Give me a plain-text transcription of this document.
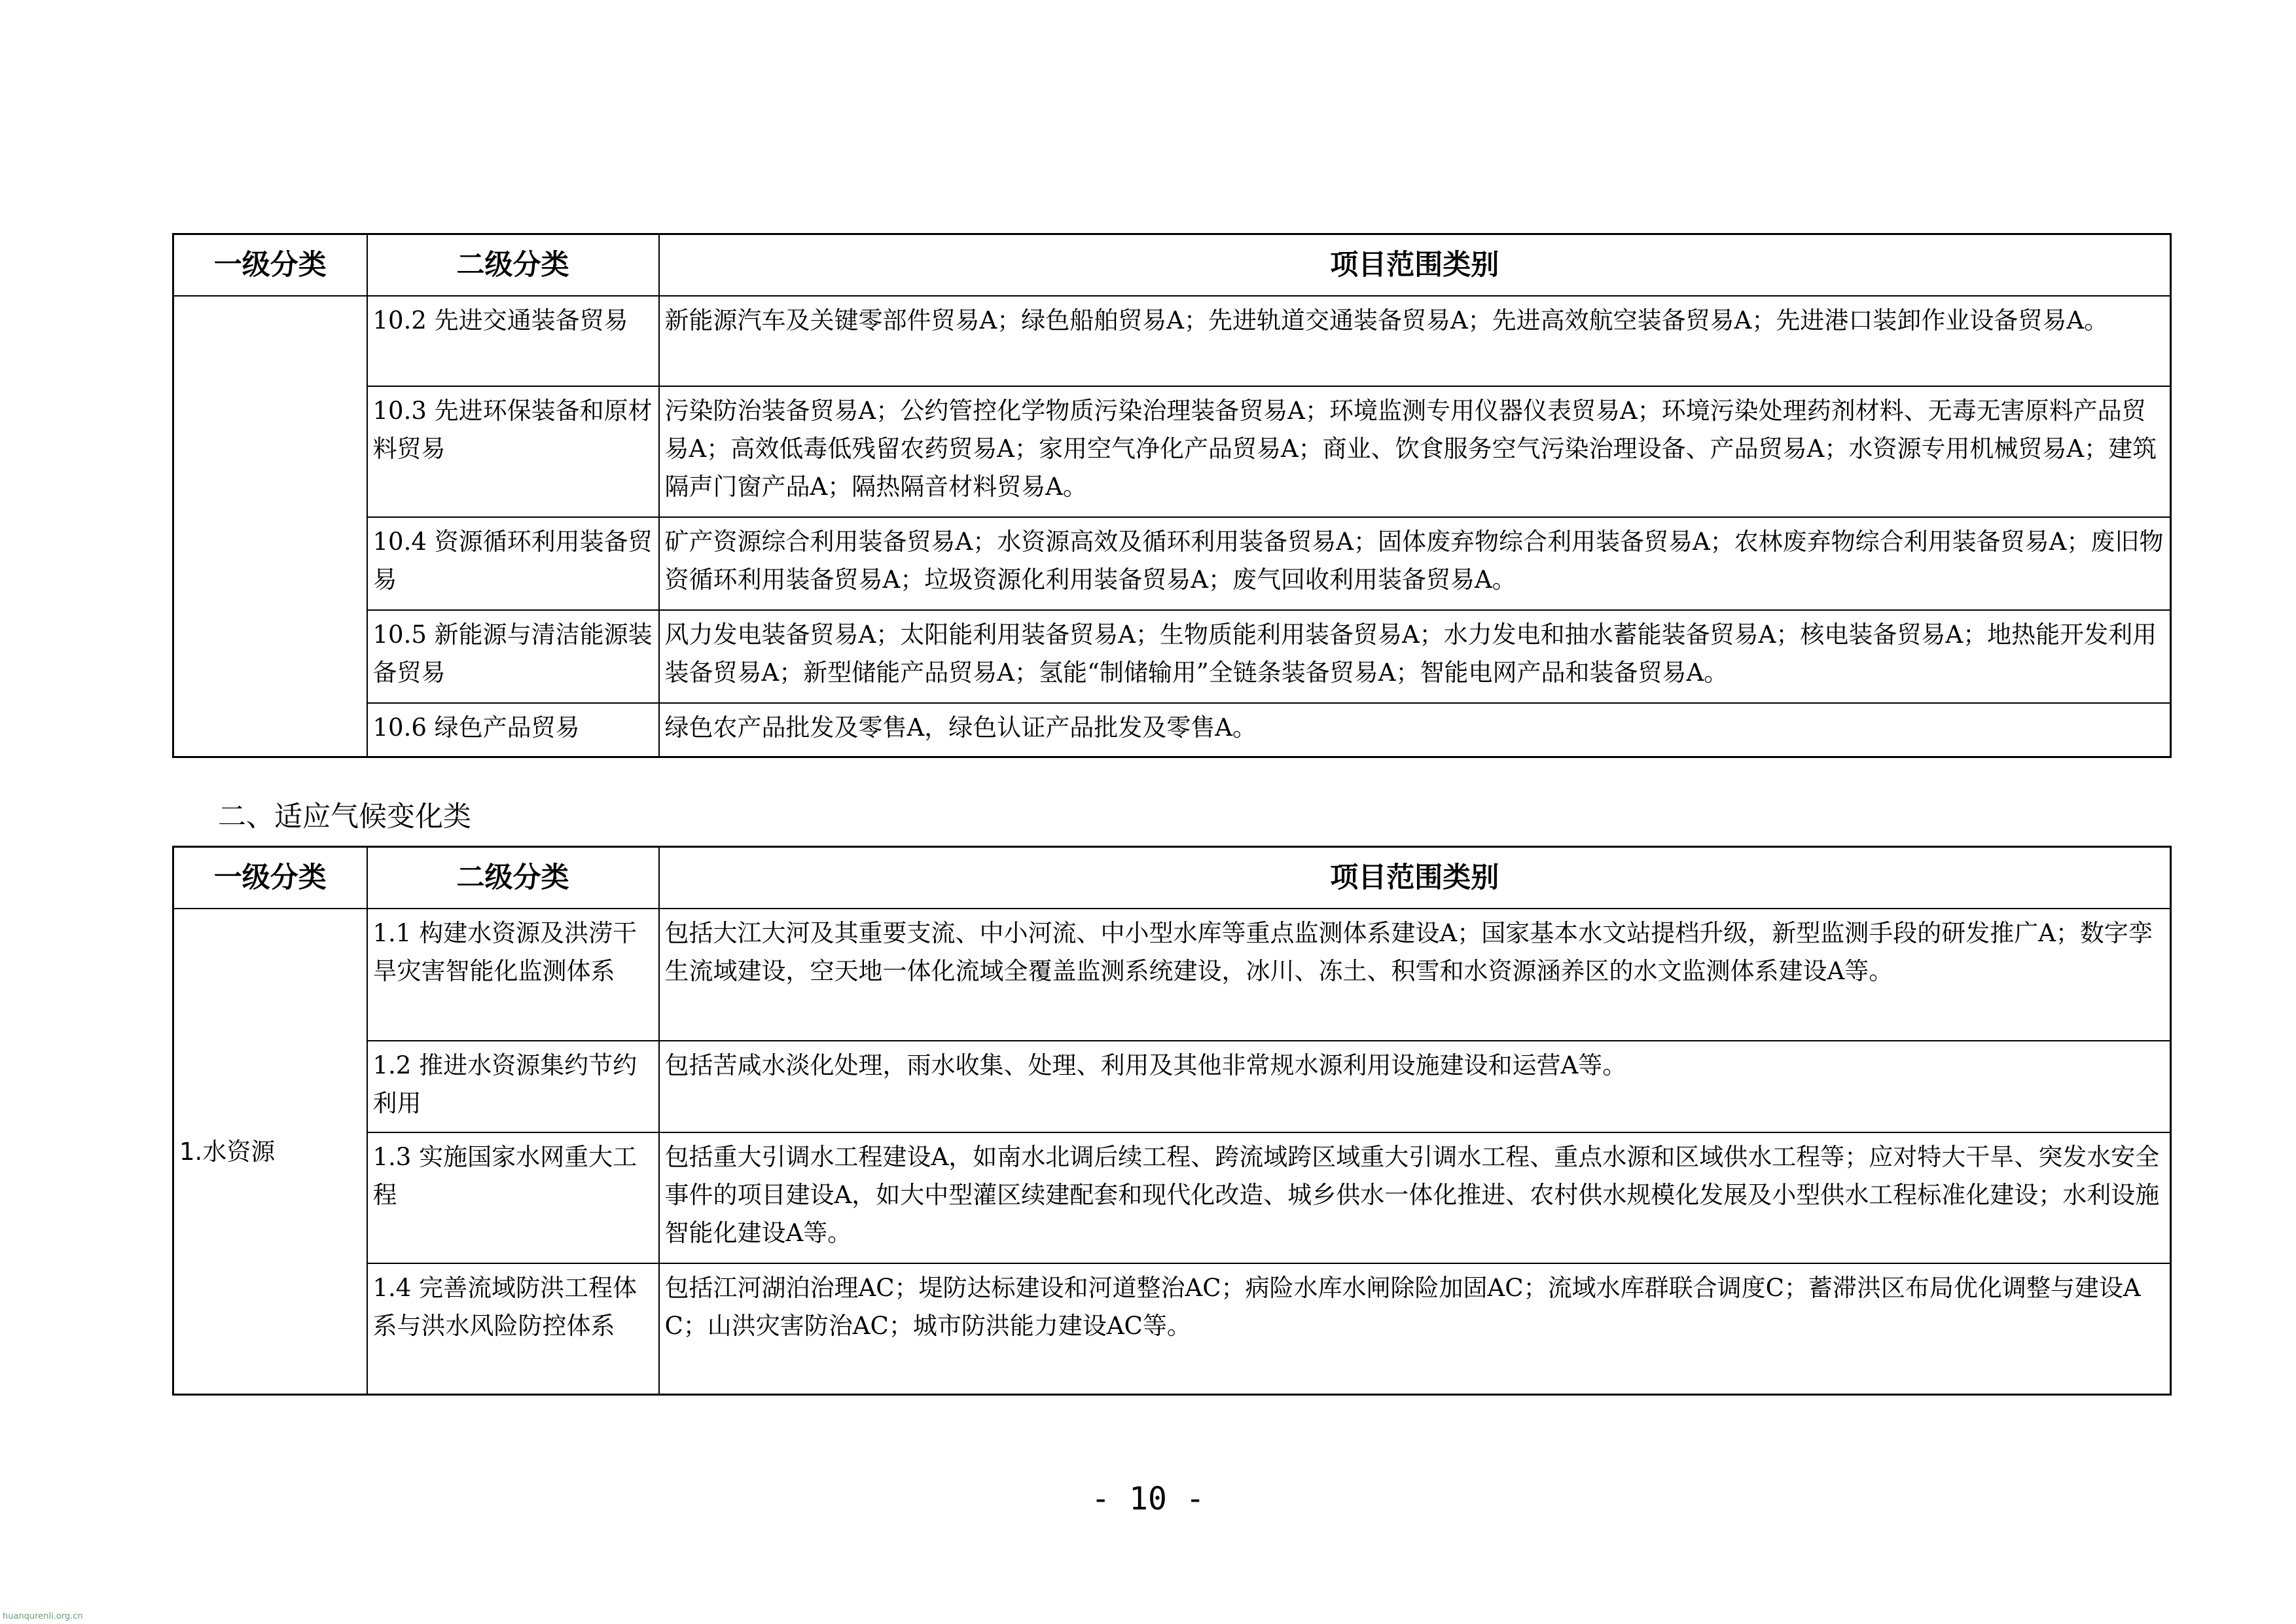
一级分类	二级分类	项目范围类别
	10.2 先进交通装备贸易	新能源汽车及关键零部件贸易A；绿色船舶贸易A；先进轨道交通装备贸易A；先进高效航空装备贸易A；先进港口装卸作业设备贸易A。
	10.3 先进环保装备和原材料贸易	污染防治装备贸易A；公约管控化学物质污染治理装备贸易A；环境监测专用仪器仪表贸易A；环境污染处理药剂材料、无毒无害原料产品贸易A；高效低毒低残留农药贸易A；家用空气净化产品贸易A；商业、饮食服务空气污染治理设备、产品贸易A；水资源专用机械贸易A；建筑隔声门窗产品A；隔热隔音材料贸易A。
	10.4 资源循环利用装备贸易	矿产资源综合利用装备贸易A；水资源高效及循环利用装备贸易A；固体废弃物综合利用装备贸易A；农林废弃物综合利用装备贸易A；废旧物资循环利用装备贸易A；垃圾资源化利用装备贸易A；废气回收利用装备贸易A。
	10.5 新能源与清洁能源装备贸易	风力发电装备贸易A；太阳能利用装备贸易A；生物质能利用装备贸易A；水力发电和抽水蓄能装备贸易A；核电装备贸易A；地热能开发利用装备贸易A；新型储能产品贸易A；氢能“制储输用”全链条装备贸易A；智能电网产品和装备贸易A。
	10.6 绿色产品贸易	绿色农产品批发及零售A，绿色认证产品批发及零售A。
二、适应气候变化类
一级分类	二级分类	项目范围类别
1.水资源	1.1 构建水资源及洪涝干旱灾害智能化监测体系	包括大江大河及其重要支流、中小河流、中小型水库等重点监测体系建设A；国家基本水文站提档升级，新型监测手段的研发推广A；数字孪生流域建设，空天地一体化流域全覆盖监测系统建设，冰川、冻土、积雪和水资源涵养区的水文监测体系建设A等。
	1.2 推进水资源集约节约利用	包括苦咸水淡化处理，雨水收集、处理、利用及其他非常规水源利用设施建设和运营A等。
	1.3 实施国家水网重大工程	包括重大引调水工程建设A，如南水北调后续工程、跨流域跨区域重大引调水工程、重点水源和区域供水工程等；应对特大干旱、突发水安全事件的项目建设A，如大中型灌区续建配套和现代化改造、城乡供水一体化推进、农村供水规模化发展及小型供水工程标准化建设；水利设施智能化建设A等。
	1.4 完善流域防洪工程体系与洪水风险防控体系	包括江河湖泊治理AC；堤防达标建设和河道整治AC；病险水库水闸除险加固AC；流域水库群联合调度C；蓄滞洪区布局优化调整与建设AC；山洪灾害防治AC；城市防洪能力建设AC等。
- 10 -
huanqurenli.org.cn
